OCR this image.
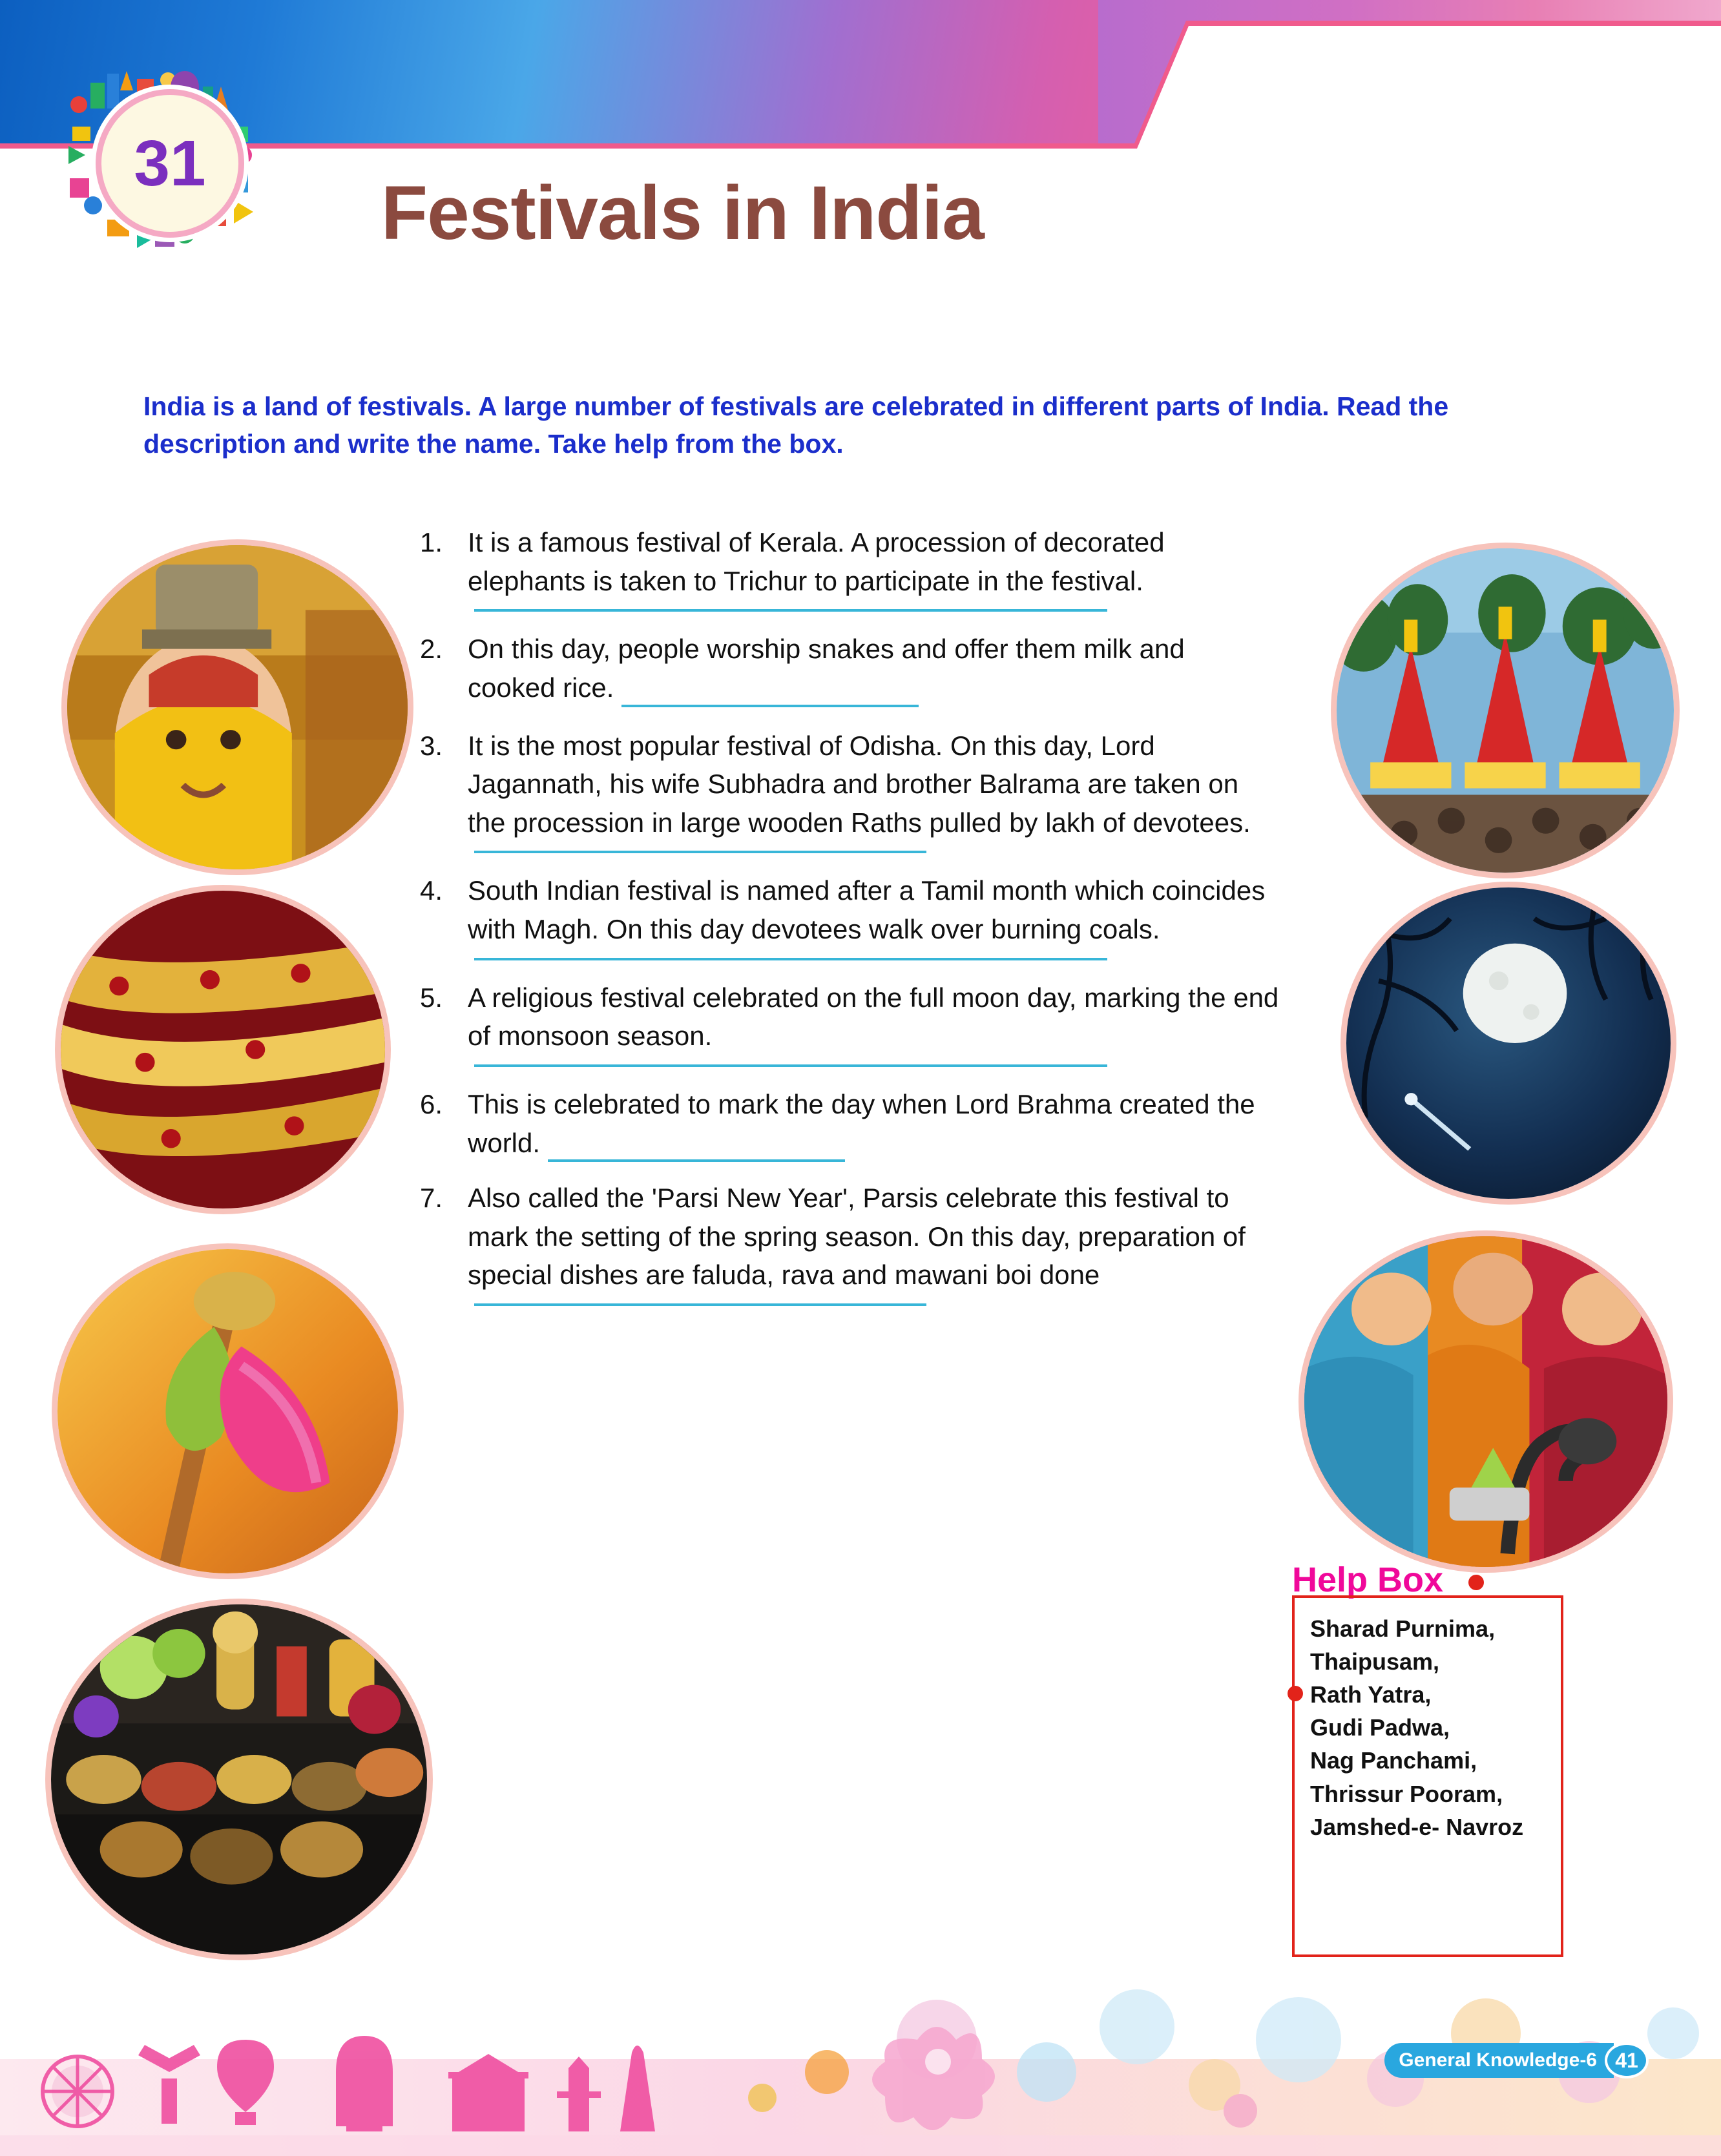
31
Festivals in India
India is a land of festivals. A large number of festivals are celebrated in different parts of India. Read the description and write the name. Take help from the box.
1. It is a famous festival of Kerala. A procession of decorated elephants is taken to Trichur to participate in the festival.
2. On this day, people worship snakes and offer them milk and cooked rice.
3. It is the most popular festival of Odisha. On this day, Lord Jagannath, his wife Subhadra and brother Balrama are taken on the procession in large wooden Raths pulled by lakh of devotees.
4. South Indian festival is named after a Tamil month which coincides with Magh. On this day devotees walk over burning coals.
5. A religious festival celebrated on the full moon day, marking the end of monsoon season.
6. This is celebrated to mark the day when Lord Brahma created the world.
7. Also called the 'Parsi New Year', Parsis celebrate this festival to mark the setting of the spring season. On this day, preparation of special dishes are faluda, rava and mawani boi done
Help Box
Sharad Purnima,
Thaipusam,
Rath Yatra,
Gudi Padwa,
Nag Panchami,
Thrissur Pooram,
Jamshed-e- Navroz
General Knowledge-6 41
